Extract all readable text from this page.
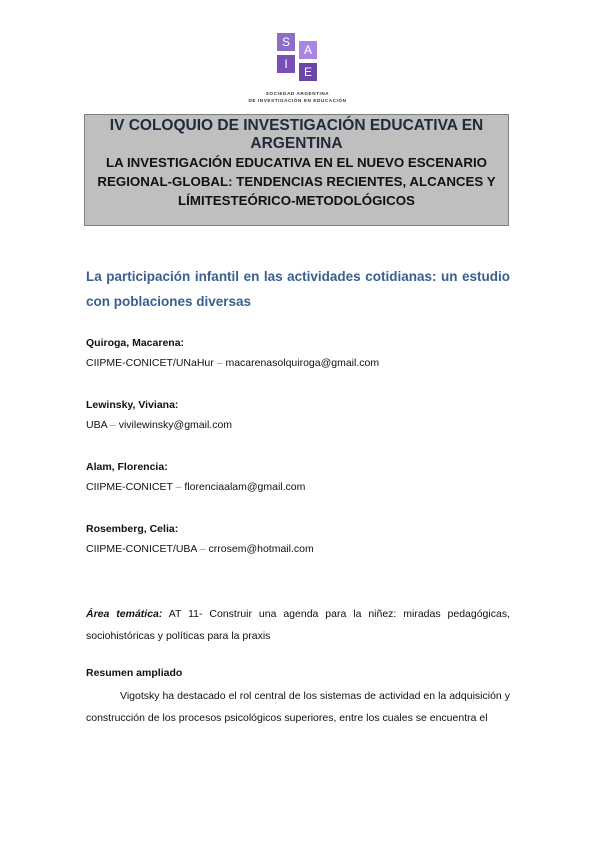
S
A
I
E
SOCIEDAD ARGENTINA
DE INVESTIGACIÓN EN EDUCACIÓN
IV COLOQUIO DE INVESTIGACIÓN EDUCATIVA EN ARGENTINA
LA INVESTIGACIÓN EDUCATIVA EN EL NUEVO ESCENARIO REGIONAL-GLOBAL: TENDENCIAS RECIENTES, ALCANCES Y LÍMITESTEÓRICO-METODOLÓGICOS
La participación infantil en las actividades cotidianas: un estudio con poblaciones diversas
Quiroga, Macarena:
CIIPME-CONICET/UNaHur – macarenasolquiroga@gmail.com
Lewinsky, Viviana:
UBA – vivilewinsky@gmail.com
Alam, Florencia:
CIIPME-CONICET – florenciaalam@gmail.com
Rosemberg, Celia:
CIIPME-CONICET/UBA – crrosem@hotmail.com
Área temática: AT 11- Construir una agenda para la niñez: miradas pedagógicas, sociohistóricas y políticas para la praxis
Resumen ampliado
Vigotsky ha destacado el rol central de los sistemas de actividad en la adquisición y construcción de los procesos psicológicos superiores, entre los cuales se encuentra el
